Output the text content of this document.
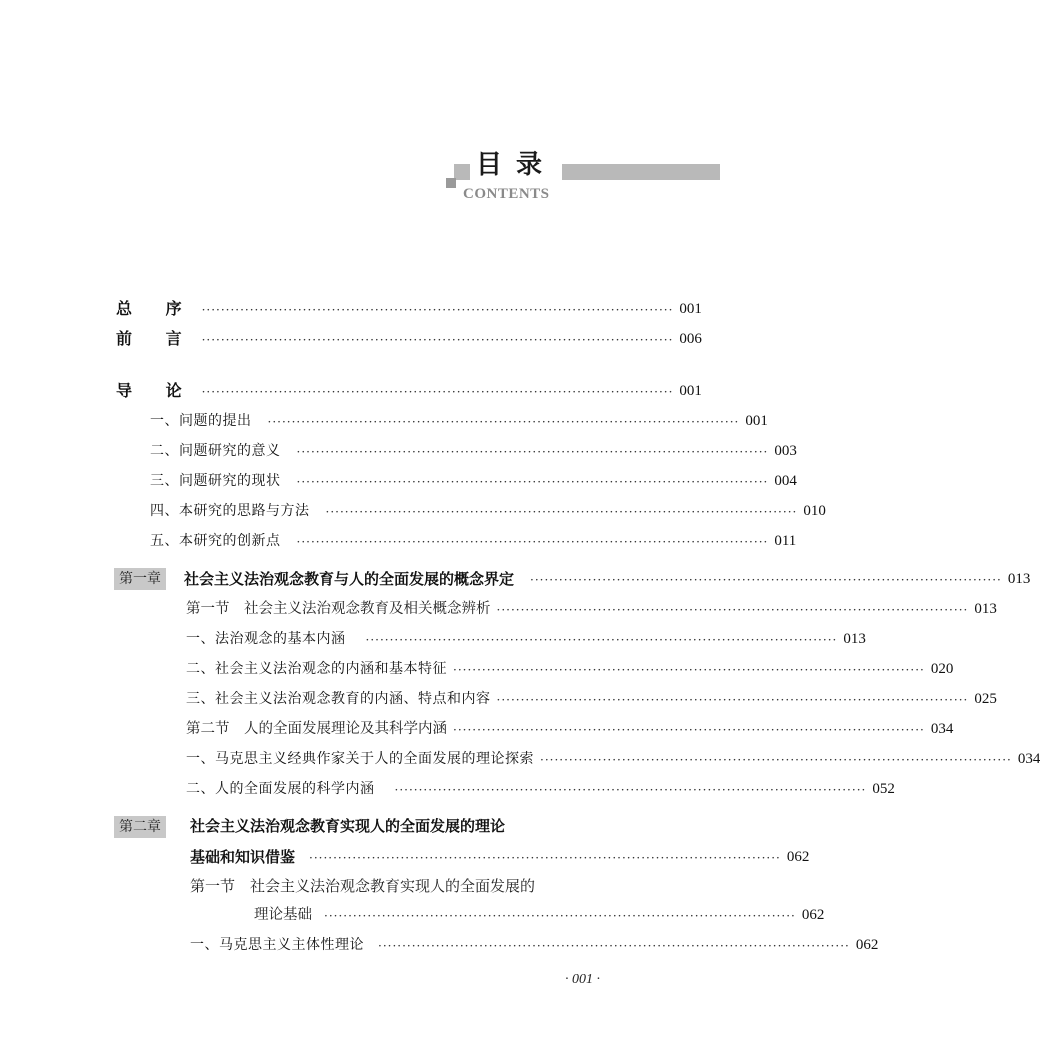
目录
CONTENTS
总 序 ·································································································· 001
前 言 ·································································································· 006
导 论 ·································································································· 001
一、问题的提出 ·································································································· 001
二、问题研究的意义 ·································································································· 003
三、问题研究的现状 ·································································································· 004
四、本研究的思路与方法 ·································································································· 010
五、本研究的创新点 ·································································································· 011
第一章	社会主义法治观念教育与人的全面发展的概念界定 ·································································································· 013
第一节　社会主义法治观念教育及相关概念辨析 ·································································································· 013
一、法治观念的基本内涵 ·································································································· 013
二、社会主义法治观念的内涵和基本特征 ·································································································· 020
三、社会主义法治观念教育的内涵、特点和内容 ·································································································· 025
第二节　人的全面发展理论及其科学内涵 ·································································································· 034
一、马克思主义经典作家关于人的全面发展的理论探索 ·································································································· 034
二、人的全面发展的科学内涵 ·································································································· 052
第二章	社会主义法治观念教育实现人的全面发展的理论
基础和知识借鉴 ·································································································· 062
第一节　社会主义法治观念教育实现人的全面发展的
理论基础 ·································································································· 062
一、马克思主义主体性理论 ·································································································· 062
· 001 ·
